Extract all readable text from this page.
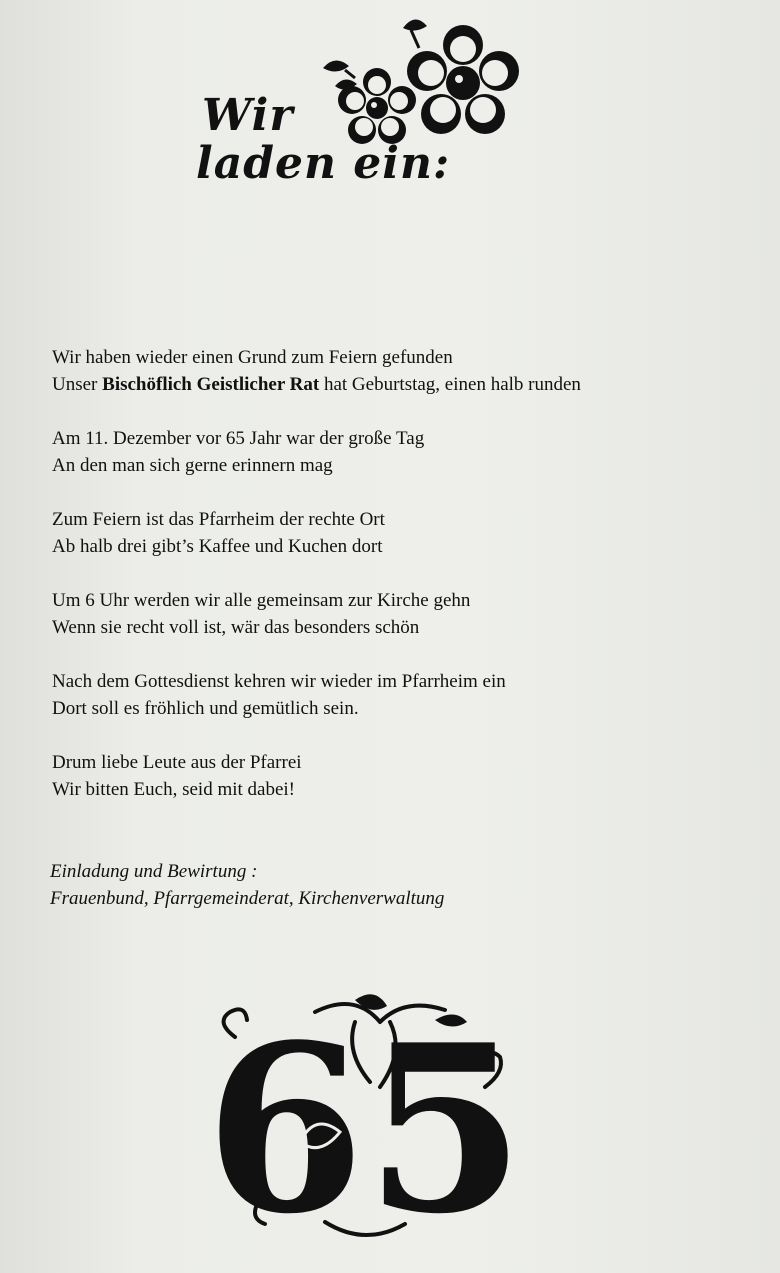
Wir
laden ein:
Wir haben wieder einen Grund zum Feiern gefunden
Unser Bischöflich Geistlicher Rat hat Geburtstag, einen halb runden
Am 11. Dezember vor 65 Jahr war der große Tag
An den man sich gerne erinnern mag
Zum Feiern ist das Pfarrheim der rechte Ort
Ab halb drei gibt’s Kaffee und Kuchen dort
Um 6 Uhr werden wir alle gemeinsam zur Kirche gehn
Wenn sie recht voll ist, wär das besonders schön
Nach dem Gottesdienst kehren wir wieder im Pfarrheim ein
Dort soll es fröhlich und gemütlich sein.
Drum liebe Leute aus der Pfarrei
Wir bitten Euch, seid mit dabei!
Einladung und Bewirtung :
Frauenbund, Pfarrgemeinderat, Kirchenverwaltung
65
